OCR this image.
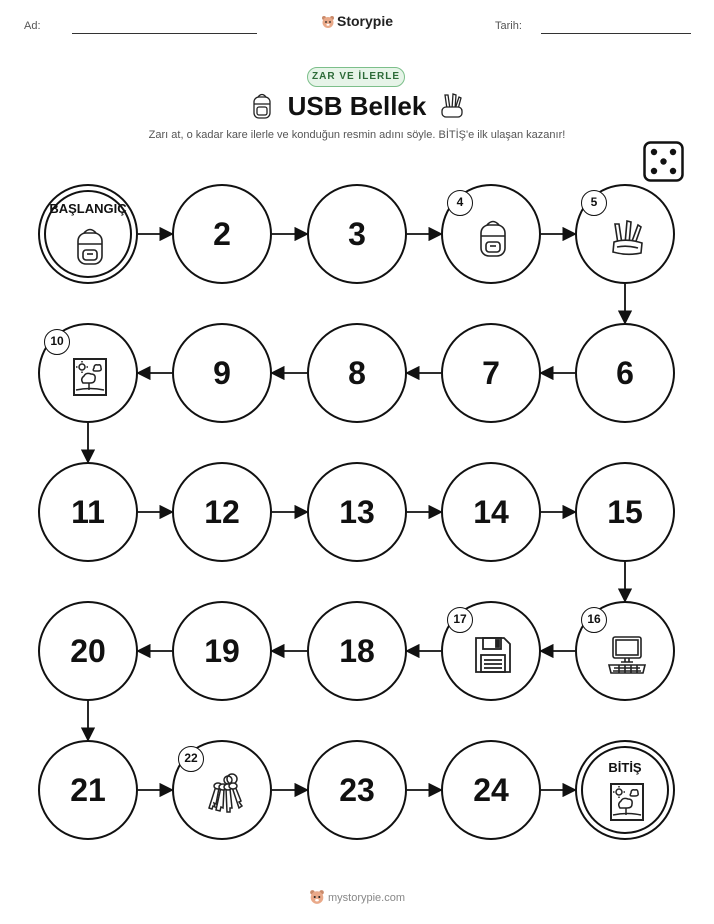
Ad:	Storypie	Tarih:
ZAR VE İLERLE
USB Bellek
Zarı at, o kadar kare ilerle ve konduğun resmin adını söyle. BİTİŞ'e ilk ulaşan kazanır!
BAŞLANGIÇ
2	3
4	5
6
7
8
9
10
11	12	13	14	15
16
17
18
19
20
21
22
23	24
BİTİŞ
mystorypie.com
